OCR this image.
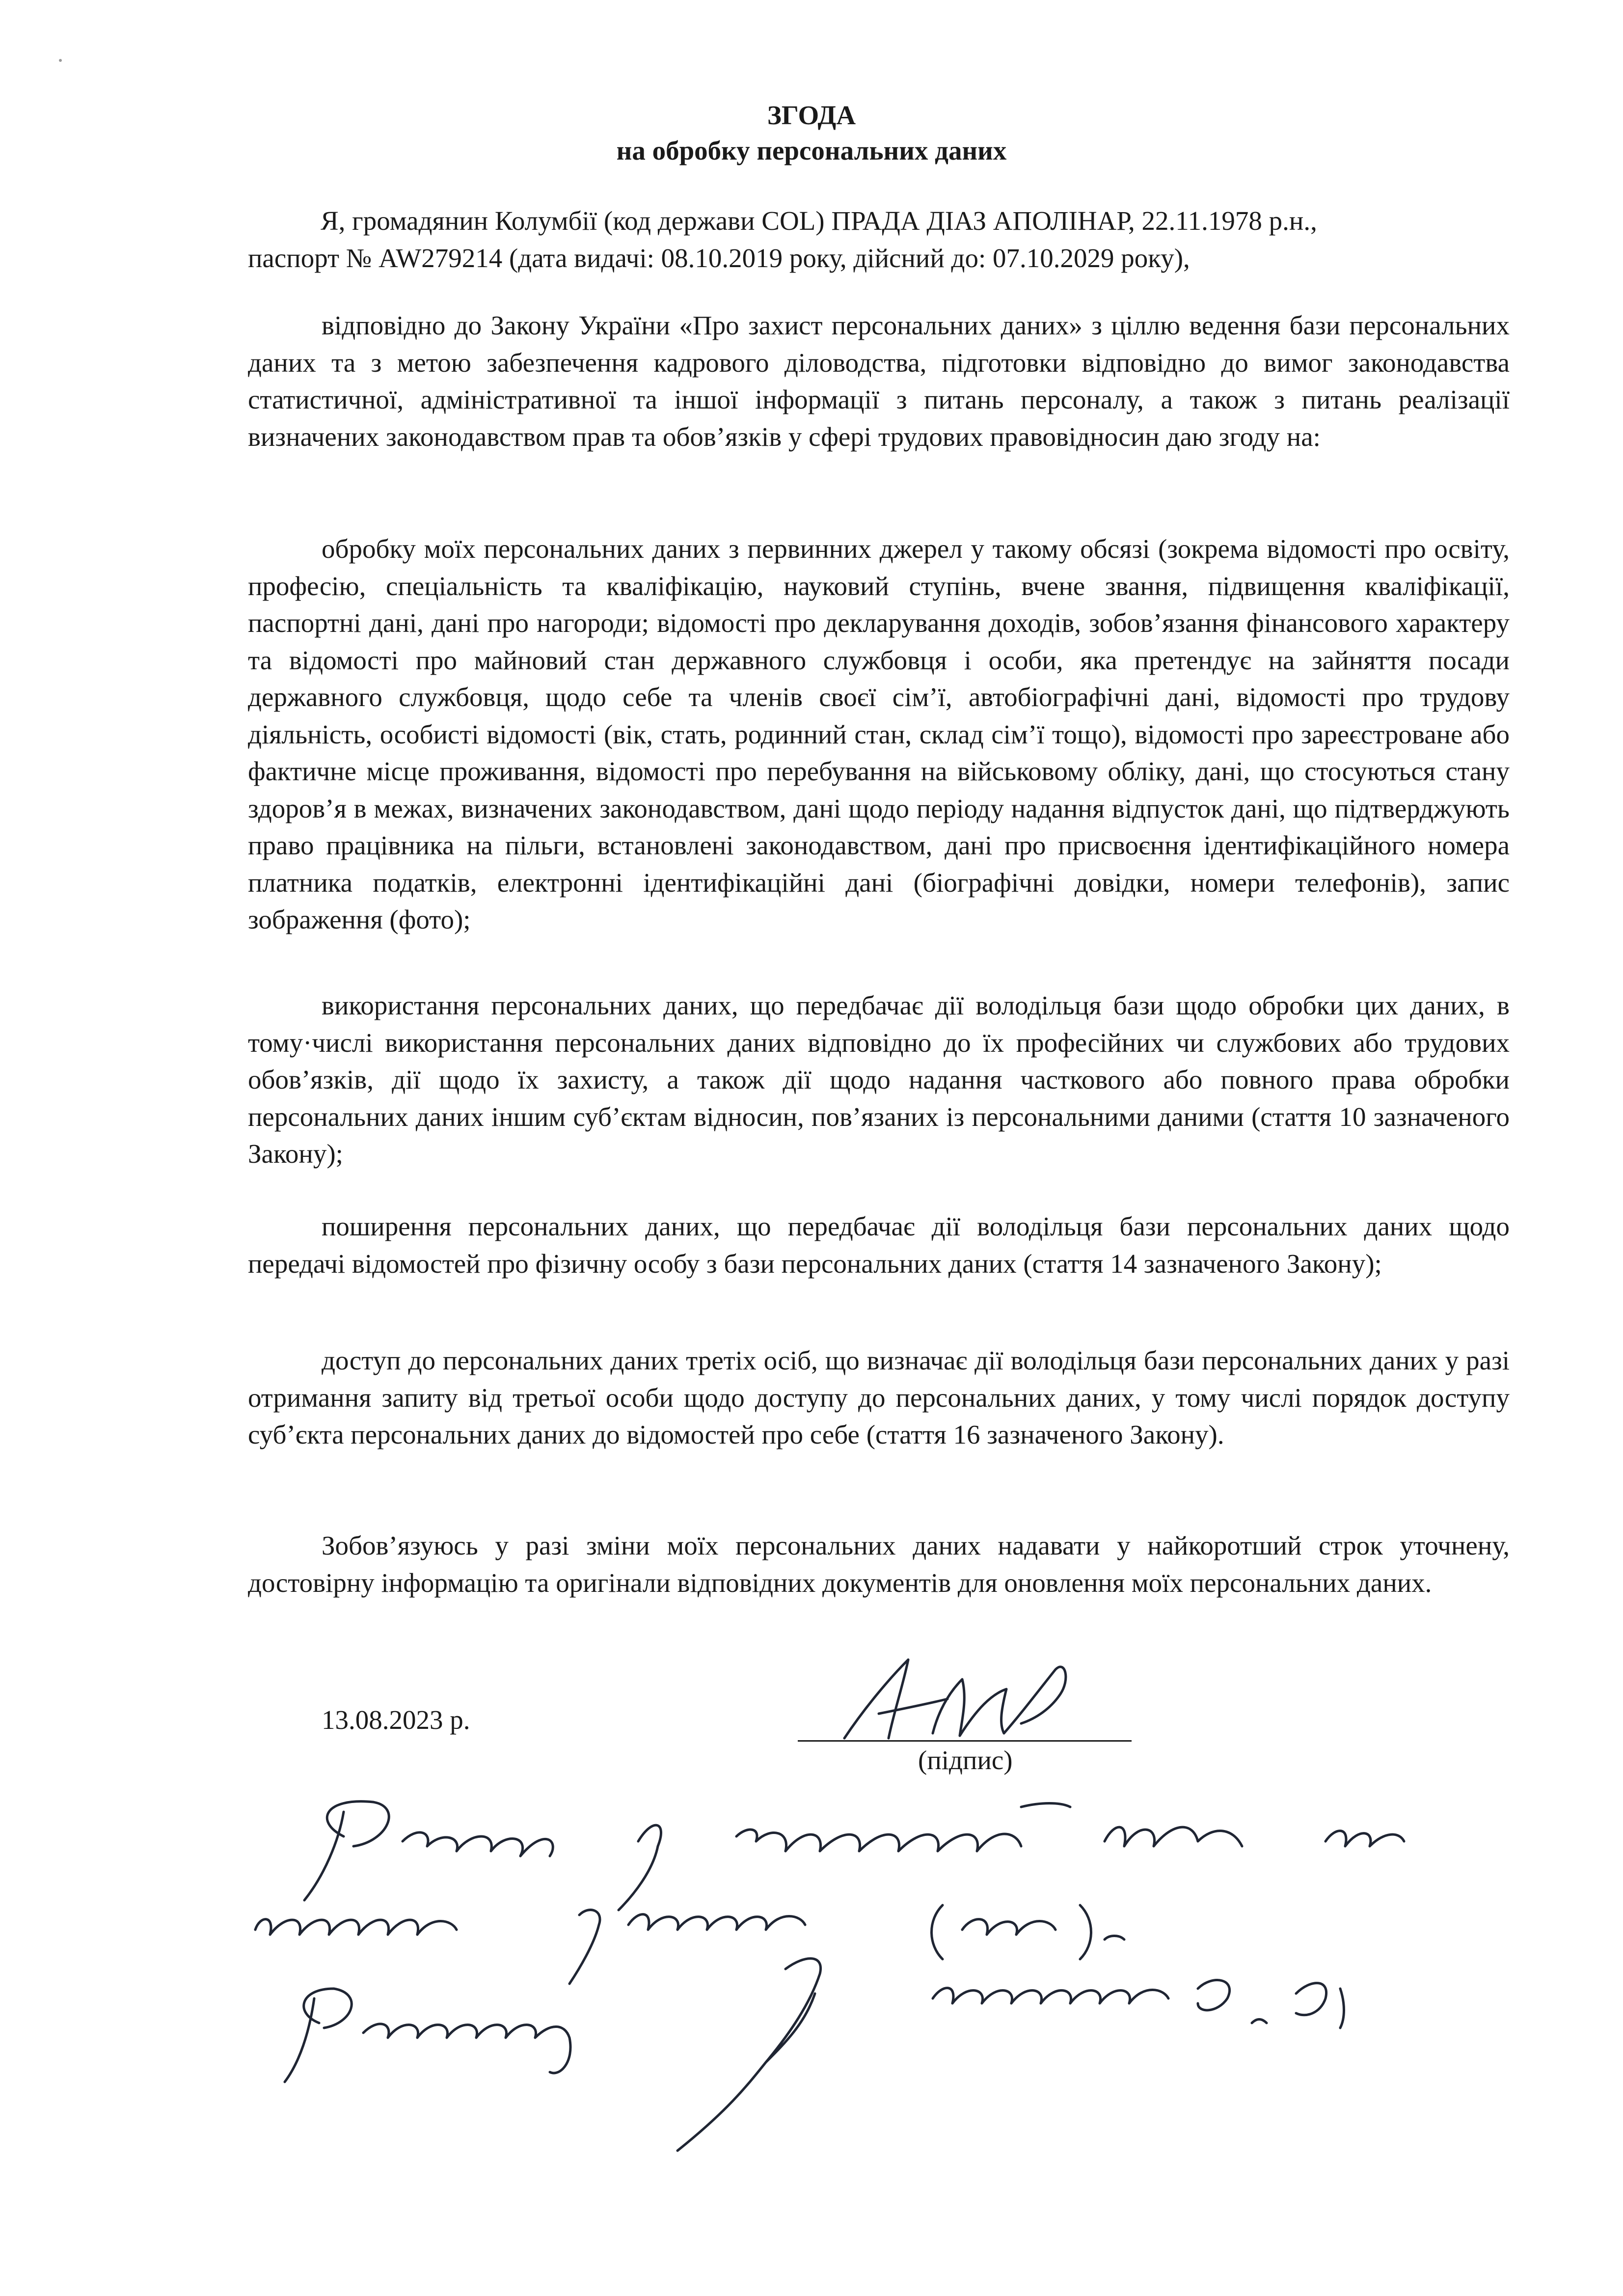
ЗГОДА
на обробку персональних даних
Я, громадянин Колумбії (код держави COL) ПРАДА ДІАЗ АПОЛІНАР, 22.11.1978 р.н.,
паспорт № AW279214 (дата видачі: 08.10.2019 року, дійсний до: 07.10.2029 року),
відповідно до Закону України «Про захист персональних даних» з ціллю ведення бази персональних даних та з метою забезпечення кадрового діловодства, підготовки відповідно до вимог законодавства статистичної, адміністративної та іншої інформації з питань персоналу, а також з питань реалізації визначених законодавством прав та обов’язків у сфері трудових правовідносин даю згоду на:
обробку моїх персональних даних з первинних джерел у такому обсязі (зокрема відомості про освіту, професію, спеціальність та кваліфікацію, науковий ступінь, вчене звання, підвищення кваліфікації, паспортні дані, дані про нагороди; відомості про декларування доходів, зобов’язання фінансового характеру та відомості про майновий стан державного службовця і особи, яка претендує на зайняття посади державного службовця, щодо себе та членів своєї сім’ї, автобіографічні дані, відомості про трудову діяльність, особисті відомості (вік, стать, родинний стан, склад сім’ї тощо), відомості про зареєстроване або фактичне місце проживання, відомості про перебування на військовому обліку, дані, що стосуються стану здоров’я в межах, визначених законодавством, дані щодо періоду надання відпусток дані, що підтверджують право працівника на пільги, встановлені законодавством, дані про присвоєння ідентифікаційного номера платника податків, електронні ідентифікаційні дані (біографічні довідки, номери телефонів), запис зображення (фото);
використання персональних даних, що передбачає дії володільця бази щодо обробки цих даних, в тому·числі використання персональних даних відповідно до їх професійних чи службових або трудових обов’язків, дії щодо їх захисту, а також дії щодо надання часткового або повного права обробки персональних даних іншим суб’єктам відносин, пов’язаних із персональними даними (стаття 10 зазначеного Закону);
поширення персональних даних, що передбачає дії володільця бази персональних даних щодо передачі відомостей про фізичну особу з бази персональних даних (стаття 14 зазначеного Закону);
доступ до персональних даних третіх осіб, що визначає дії володільця бази персональних даних у разі отримання запиту від третьої особи щодо доступу до персональних даних, у тому числі порядок доступу суб’єкта персональних даних до відомостей про себе (стаття 16 зазначеного Закону).
Зобов’язуюсь у разі зміни моїх персональних даних надавати у найкоротший строк уточнену, достовірну інформацію та оригінали відповідних документів для оновлення моїх персональних даних.
13.08.2023 р.
(підпис)
